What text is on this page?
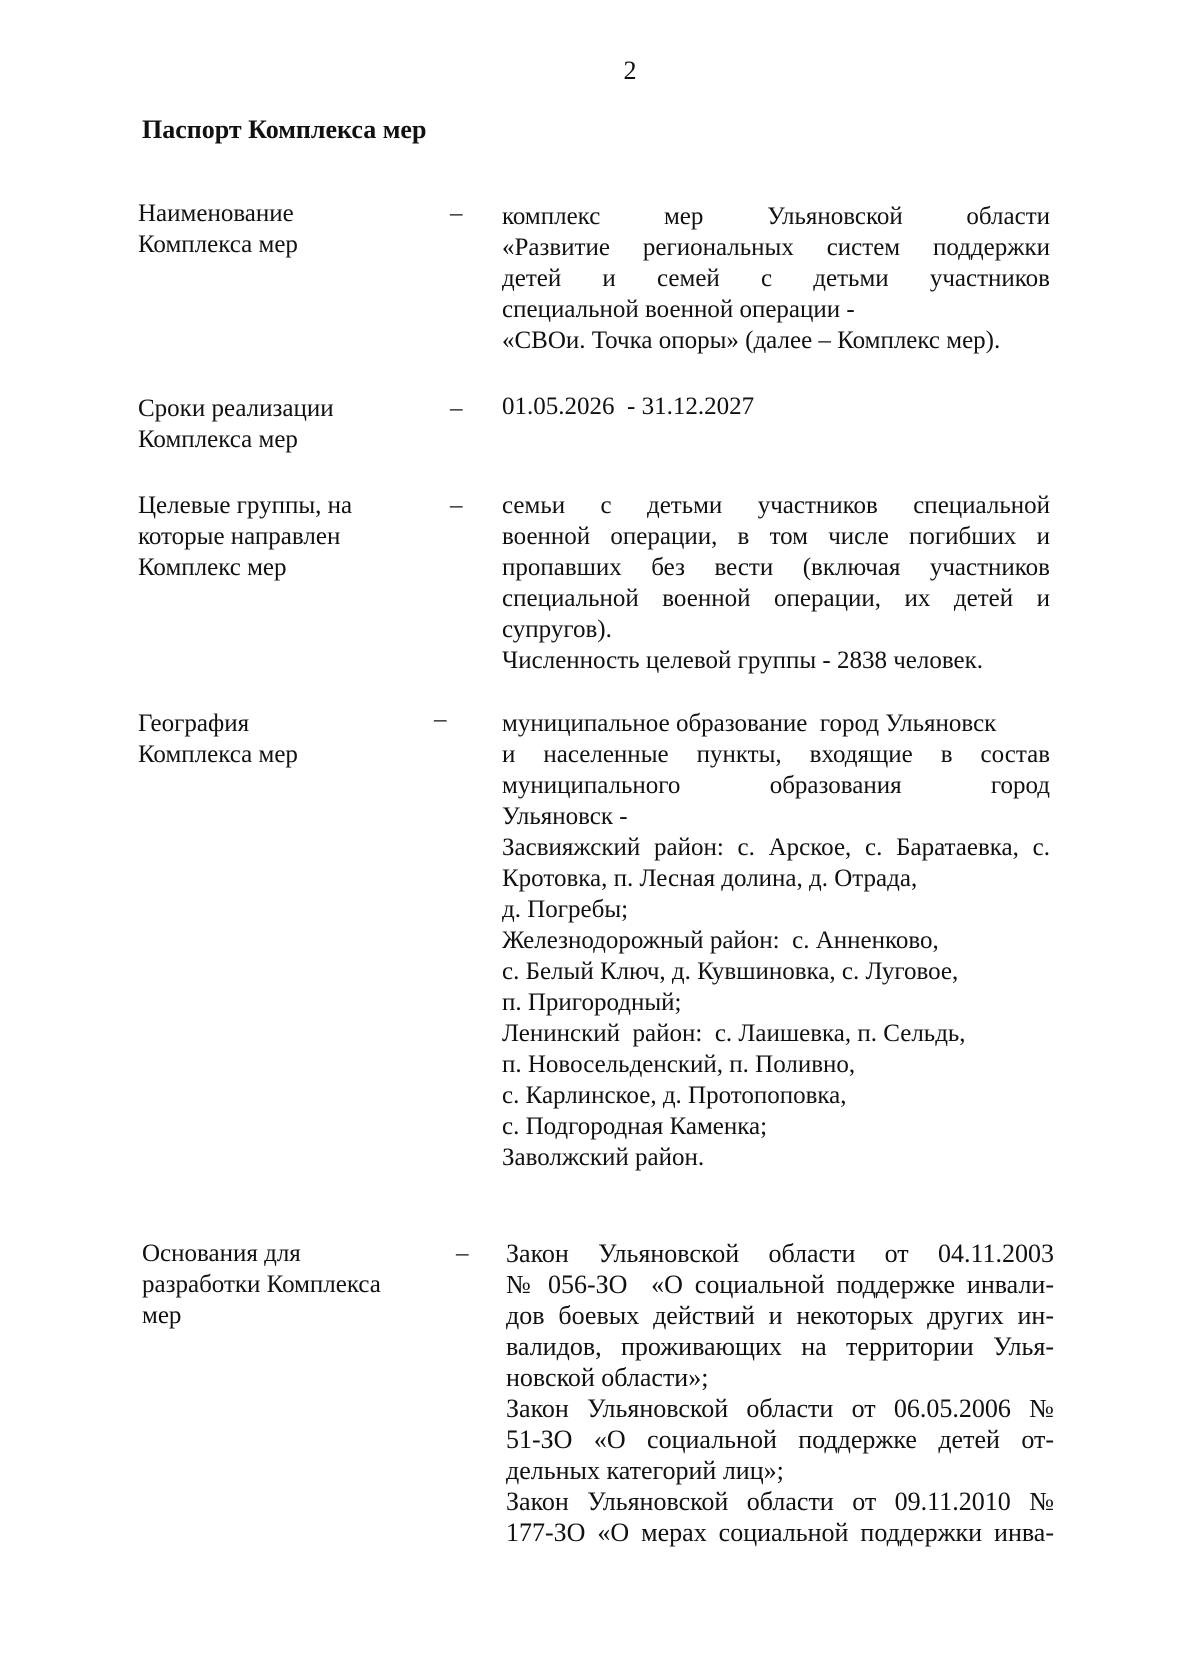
2
Паспорт Комплекса мер
Наименование
Комплекса мер
– комплекс мер Ульяновской области

«Развитие региональных систем поддержки

детей и семей с детьми участников

специальной военной операции -

«СВОи. Точка опоры» (далее – Комплекс мер).

Сроки реализации
Комплекса мер
– 01.05.2026  - 31.12.2027

Целевые группы, на
которые направлен
Комплекс мер
– семьи с детьми участников специальной

военной операции, в том числе погибших и

пропавших без вести (включая участников

специальной военной операции, их детей и

супругов).

Численность целевой группы - 2838 человек.

География
Комплекса мер
– муниципальное образование  город Ульяновск

и населенные пункты, входящие в состав

муниципального образования город

Ульяновск -

Засвияжский район: с. Арское, с. Баратаевка, с.

Кротовка, п. Лесная долина, д. Отрада,

д. Погребы;

Железнодорожный район:  с. Анненково,

с. Белый Ключ, д. Кувшиновка, с. Луговое,

п. Пригородный;

Ленинский  район:  с. Лаишевка, п. Сельдь,

п. Новосельденский, п. Поливно,

с. Карлинское, д. Протопоповка,

с. Подгородная Каменка;

Заволжский район.

Основания для
разработки Комплекса
мер
– Закон Ульяновской области от 04.11.2003

№ 056-ЗО  «О социальной поддержке инвали-

дов боевых действий и некоторых других ин-

валидов, проживающих на территории Улья-

новской области»;

Закон Ульяновской области от 06.05.2006 №

51-ЗО «О социальной поддержке детей от-

дельных категорий лиц»;

Закон Ульяновской области от 09.11.2010 №

177-ЗО «О мерах социальной поддержки инва-
